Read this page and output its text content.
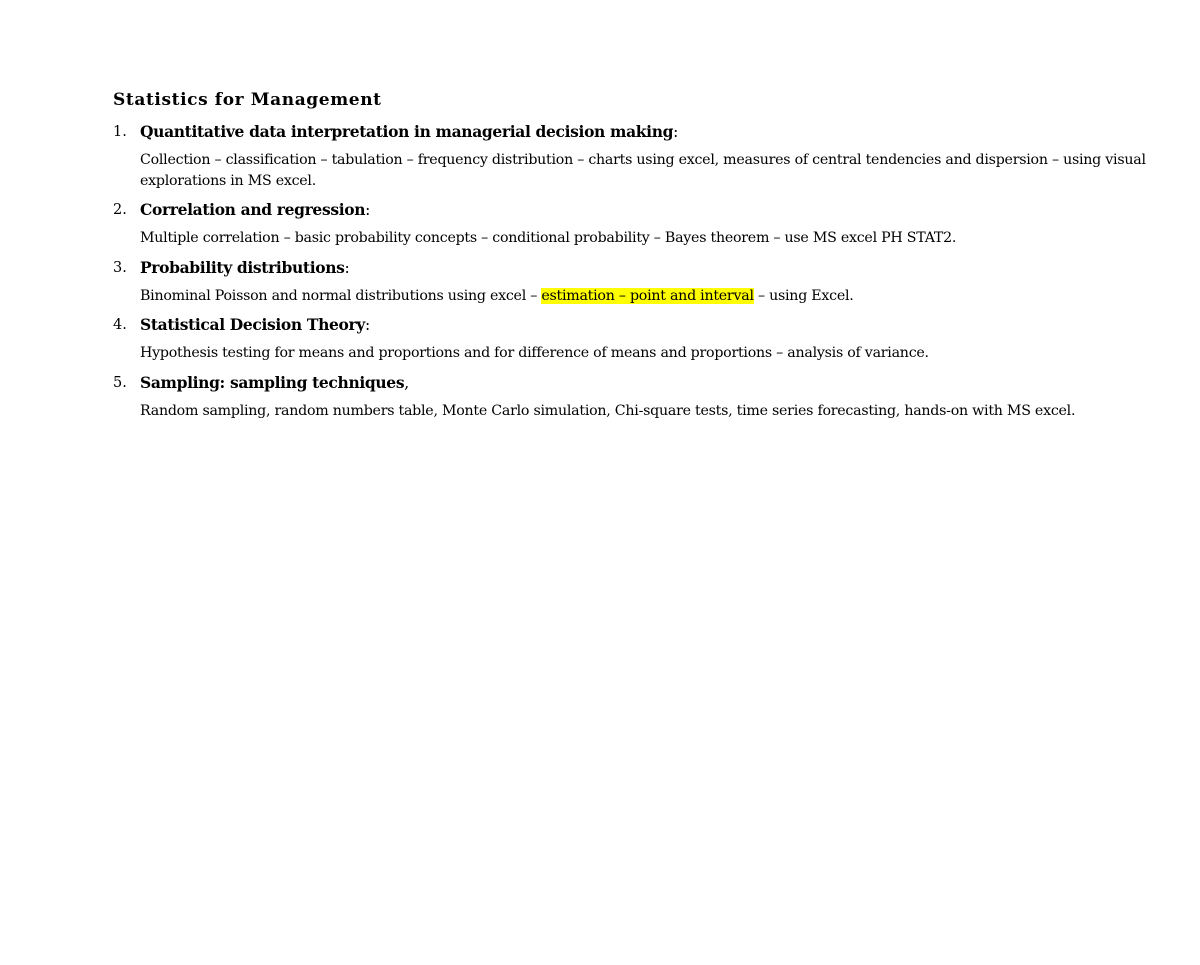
Statistics for Management
1. Quantitative data interpretation in managerial decision making:

Collection – classification – tabulation – frequency distribution – charts using excel, measures of central tendencies and dispersion – using visual explorations in MS excel.

2. Correlation and regression:

Multiple correlation – basic probability concepts – conditional probability – Bayes theorem – use MS excel PH STAT2.

3. Probability distributions:

Binominal Poisson and normal distributions using excel – estimation – point and interval – using Excel.

4. Statistical Decision Theory:

Hypothesis testing for means and proportions and for difference of means and proportions – analysis of variance.

5. Sampling: sampling techniques,

Random sampling, random numbers table, Monte Carlo simulation, Chi-square tests, time series forecasting, hands-on with MS excel.
